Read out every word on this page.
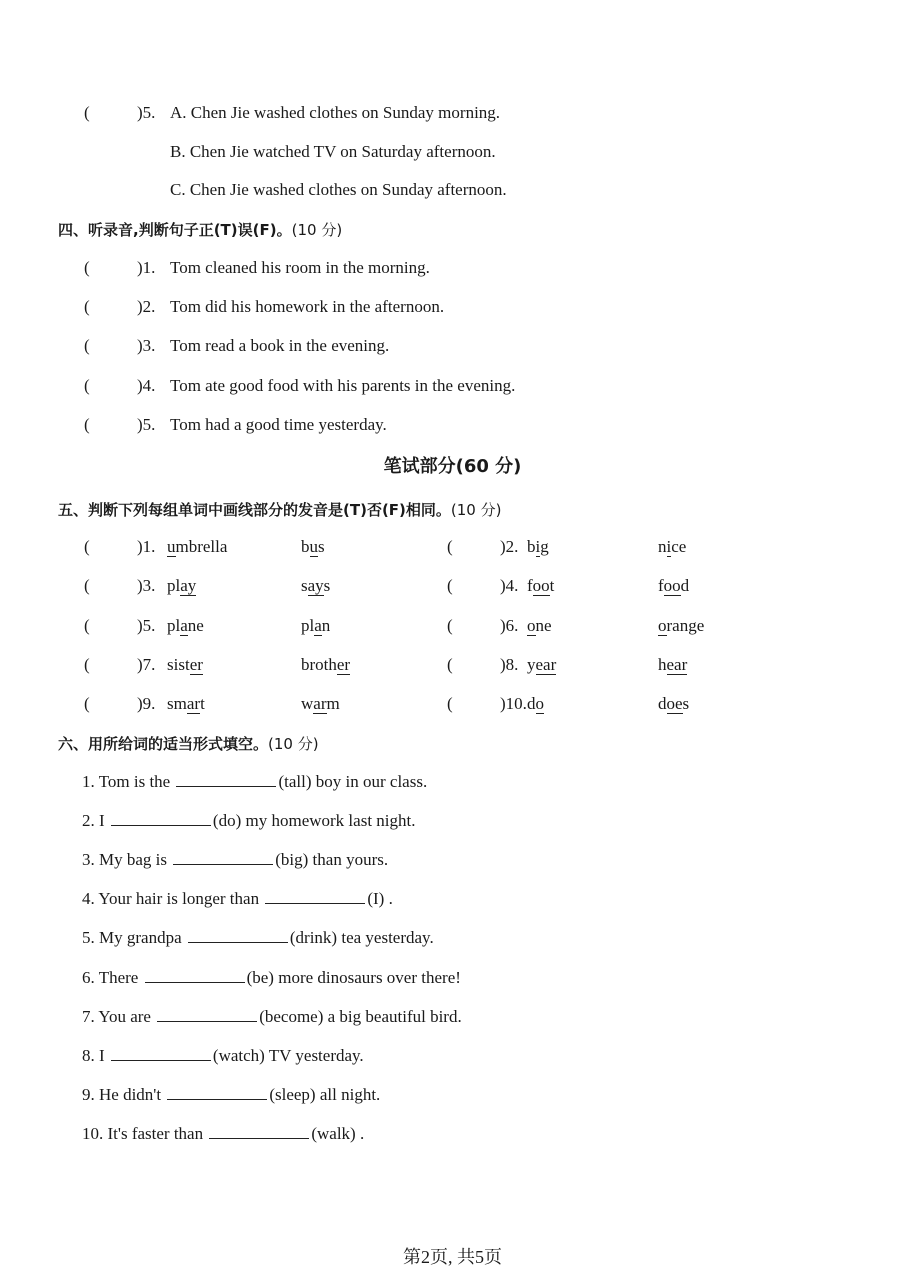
(	)5. A. Chen Jie washed clothes on Sunday morning.
B. Chen Jie watched TV on Saturday afternoon.
C. Chen Jie washed clothes on Sunday afternoon.
四、听录音,判断句子正(T)误(F)。(10 分)
(	)1. Tom cleaned his room in the morning.
(	)2. Tom did his homework in the afternoon.
(	)3. Tom read a book in the evening.
(	)4. Tom ate good food with his parents in the evening.
(	)5. Tom had a good time yesterday.
笔试部分(60 分)
五、判断下列每组单词中画线部分的发音是(T)否(F)相同。(10 分)
(	)1. umbrella	bus	(	)2. big	nice
(	)3. play	says	(	)4. foot	food
(	)5. plane	plan	(	)6. one	orange
(	)7. sister	brother	(	)8. year	hear
(	)9. smart	warm	(	)10. do	does
六、用所给词的适当形式填空。(10 分)
1. Tom is the	(tall) boy in our class.
2. I	(do) my homework last night.
3. My bag is	(big) than yours.
4. Your hair is longer than	(I) .
5. My grandpa	(drink) tea yesterday.
6. There	(be) more dinosaurs over there!
7. You are	(become) a big beautiful bird.
8. I	(watch) TV yesterday.
9. He didn't	(sleep) all night.
10. It's faster than	(walk) .
第2页, 共5页
